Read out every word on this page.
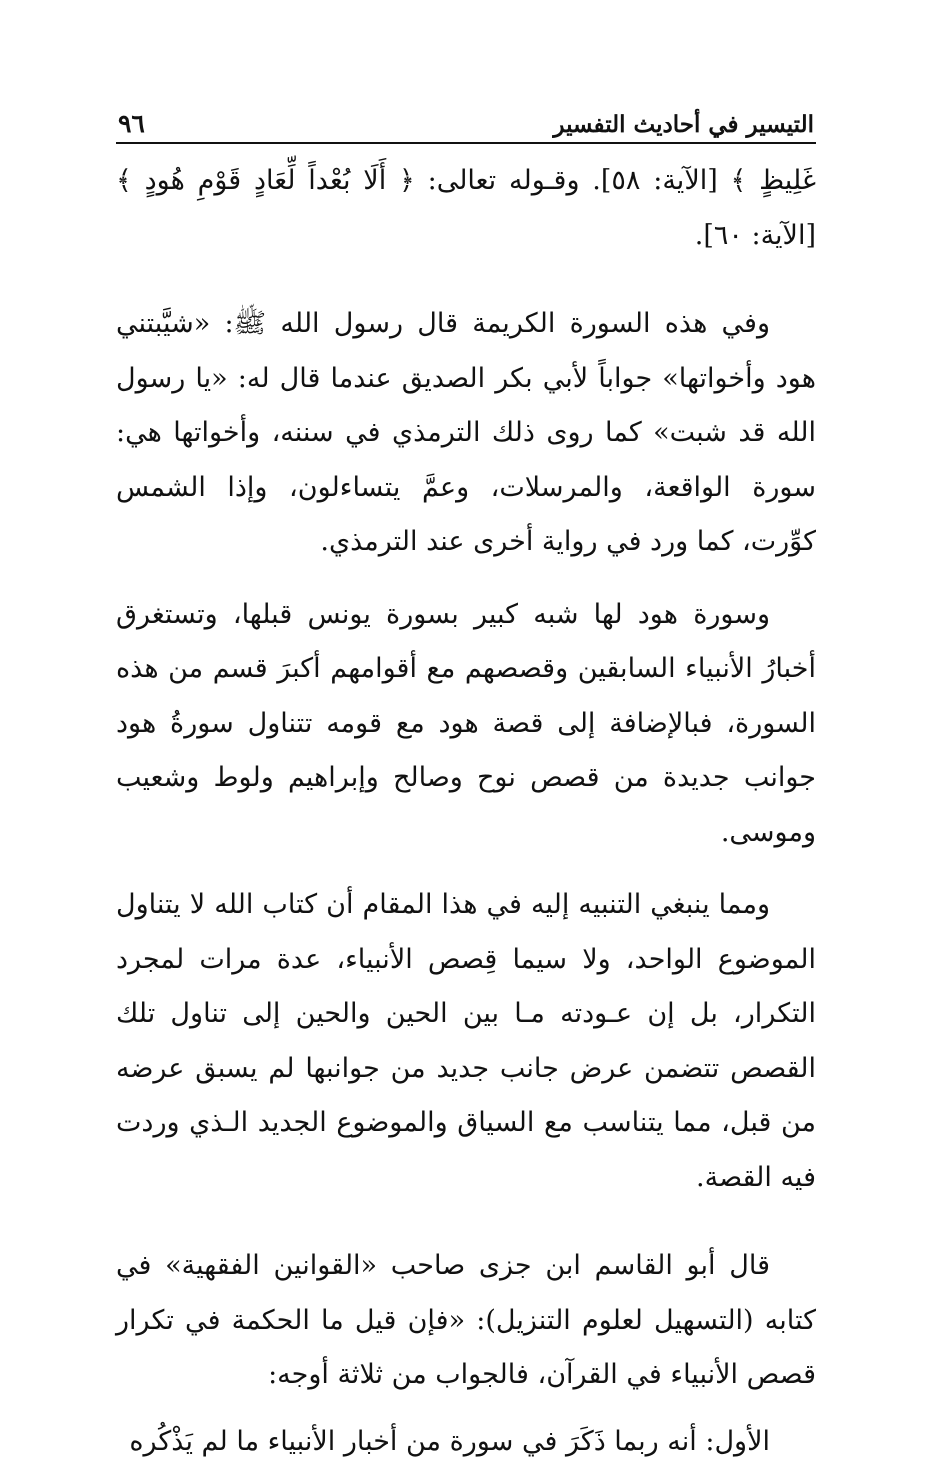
التيسير في أحاديث التفسير
٩٦

غَلِيظٍ ﴾ [الآية: ٥٨]. وقـوله تعالى: ﴿ أَلَا بُعْداً لِّعَادٍ قَوْمِ هُودٍ ﴾ [الآية: ٦٠].

وفي هذه السورة الكريمة قال رسول الله ﷺ: «شيَّبتني هود وأخواتها» جواباً لأبي بكر الصديق عندما قال له: «يا رسول الله قد شبت» كما روى ذلك الترمذي في سننه، وأخواتها هي: سورة الواقعة، والمرسلات، وعمَّ يتساءلون، وإذا الشمس كوِّرت، كما ورد في رواية أخرى عند الترمذي.

وسورة هود لها شبه كبير بسورة يونس قبلها، وتستغرق أخبارُ الأنبياء السابقين وقصصهم مع أقوامهم أكبرَ قسم من هذه السورة، فبالإضافة إلى قصة هود مع قومه تتناول سورةُ هود جوانب جديدة من قصص نوح وصالح وإبراهيم ولوط وشعيب وموسى.

ومما ينبغي التنبيه إليه في هذا المقام أن كتاب الله لا يتناول الموضوع الواحد، ولا سيما قِصص الأنبياء، عدة مرات لمجرد التكرار، بل إن عـودته مـا بين الحين والحين إلى تناول تلك القصص تتضمن عرض جانب جديد من جوانبها لم يسبق عرضه من قبل، مما يتناسب مع السياق والموضوع الجديد الـذي وردت فيه القصة.

قال أبو القاسم ابن جزى صاحب «القوانين الفقهية» في كتابه (التسهيل لعلوم التنزيل): «فإن قيل ما الحكمة في تكرار قصص الأنبياء في القرآن، فالجواب من ثلاثة أوجه:

الأول: أنه ربما ذَكَرَ في سورة من أخبار الأنبياء ما لم يَذْكُره
